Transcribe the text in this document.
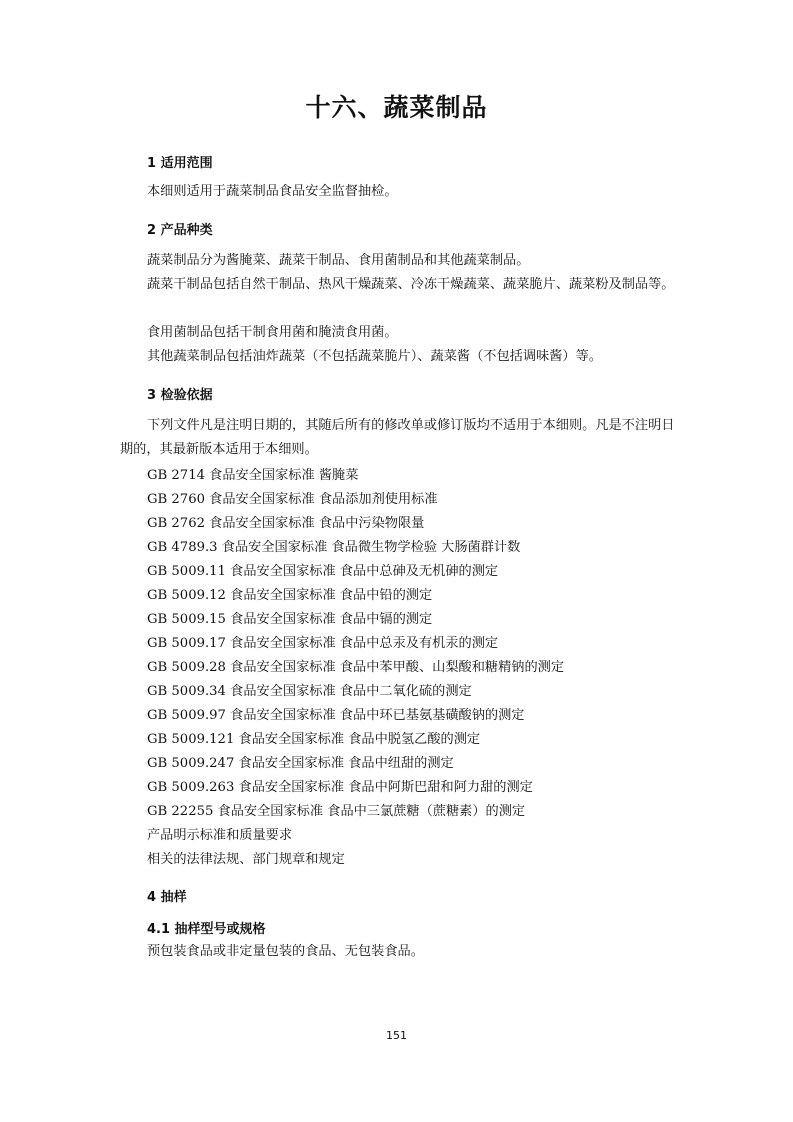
十六、蔬菜制品
1 适用范围
本细则适用于蔬菜制品食品安全监督抽检。
2 产品种类
蔬菜制品分为酱腌菜、蔬菜干制品、食用菌制品和其他蔬菜制品。
蔬菜干制品包括自然干制品、热风干燥蔬菜、冷冻干燥蔬菜、蔬菜脆片、蔬菜粉及制品等。
食用菌制品包括干制食用菌和腌渍食用菌。
其他蔬菜制品包括油炸蔬菜（不包括蔬菜脆片）、蔬菜酱（不包括调味酱）等。
3 检验依据
下列文件凡是注明日期的，其随后所有的修改单或修订版均不适用于本细则。凡是不注明日期的，其最新版本适用于本细则。
GB 2714 食品安全国家标准 酱腌菜
GB 2760 食品安全国家标准 食品添加剂使用标准
GB 2762 食品安全国家标准 食品中污染物限量
GB 4789.3 食品安全国家标准 食品微生物学检验 大肠菌群计数
GB 5009.11 食品安全国家标准 食品中总砷及无机砷的测定
GB 5009.12 食品安全国家标准 食品中铅的测定
GB 5009.15 食品安全国家标准 食品中镉的测定
GB 5009.17 食品安全国家标准 食品中总汞及有机汞的测定
GB 5009.28 食品安全国家标准 食品中苯甲酸、山梨酸和糖精钠的测定
GB 5009.34 食品安全国家标准 食品中二氧化硫的测定
GB 5009.97 食品安全国家标准 食品中环已基氨基磺酸钠的测定
GB 5009.121 食品安全国家标准 食品中脱氢乙酸的测定
GB 5009.247 食品安全国家标准 食品中纽甜的测定
GB 5009.263 食品安全国家标准 食品中阿斯巴甜和阿力甜的测定
GB 22255 食品安全国家标准 食品中三氯蔗糖（蔗糖素）的测定
产品明示标准和质量要求
相关的法律法规、部门规章和规定
4 抽样
4.1 抽样型号或规格
预包装食品或非定量包装的食品、无包装食品。
151
